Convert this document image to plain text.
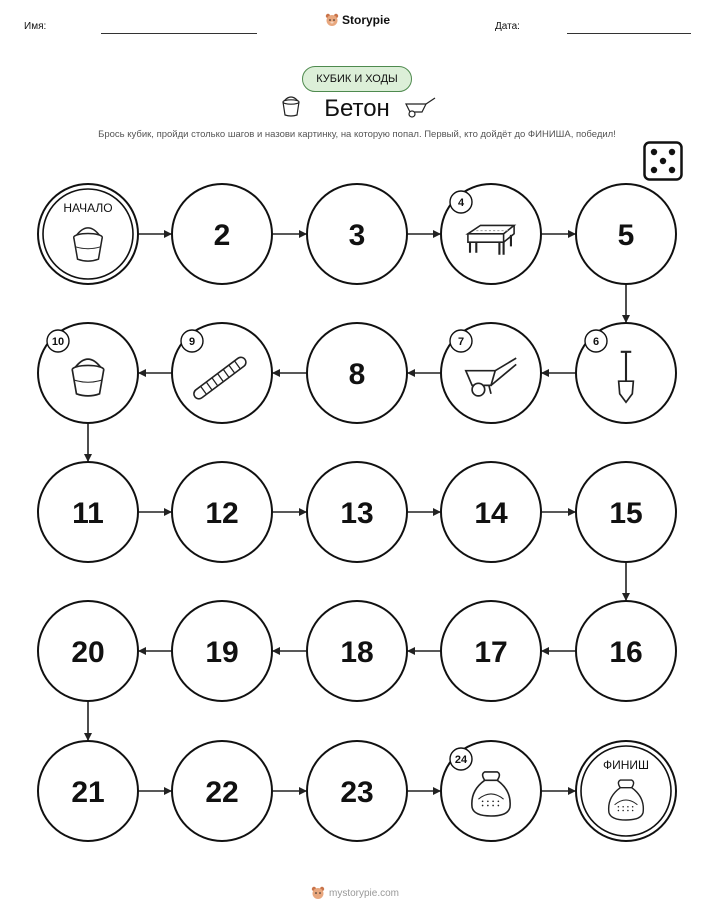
Имя:	Storypie	Дата:
КУБИК И ХОДЫ
Бетон
Брось кубик, пройди столько шагов и назови картинку, на которую попал. Первый, кто дойдёт до ФИНИША, победил!
НАЧАЛО
2	3
4
5
6
7
8
9
10
11	12	13	14	15
16
17
18
19
20
21	22	23
24	ФИНИШ
mystorypie.com
